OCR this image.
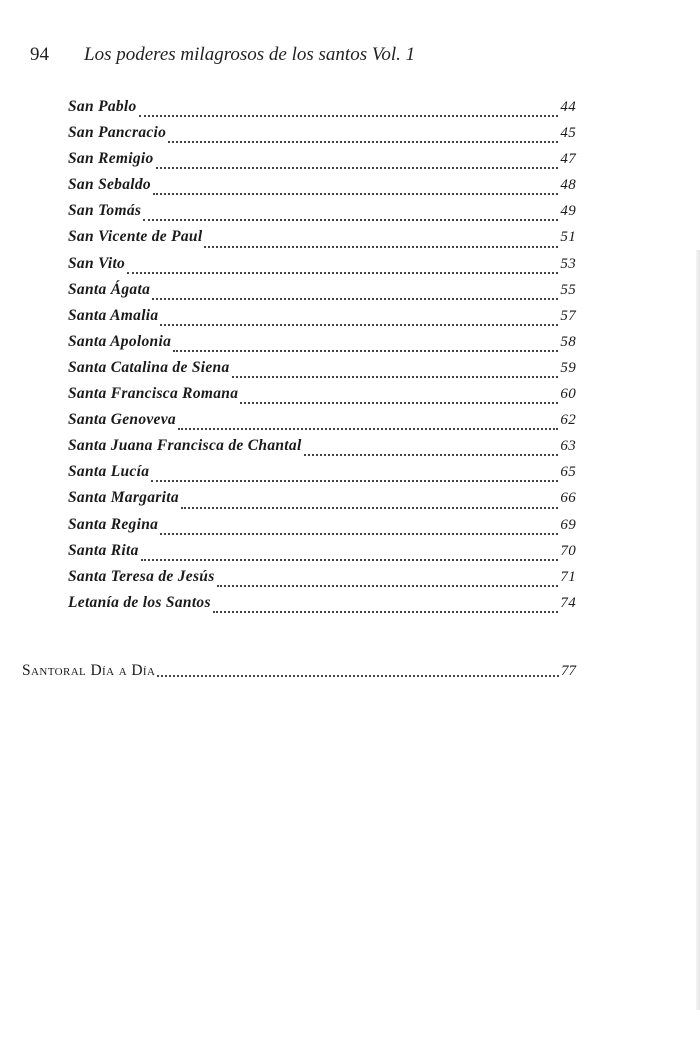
94 Los poderes milagrosos de los santos Vol. 1
San Pablo	44
San Pancracio	45
San Remigio	47
San Sebaldo	48
San Tomás	49
San Vicente de Paul	51
San Vito	53
Santa Ágata	55
Santa Amalia	57
Santa Apolonia	58
Santa Catalina de Siena	59
Santa Francisca Romana	60
Santa Genoveva	62
Santa Juana Francisca de Chantal	63
Santa Lucía	65
Santa Margarita	66
Santa Regina	69
Santa Rita	70
Santa Teresa de Jesús	71
Letanía de los Santos	74
Santoral Día a Día	77
